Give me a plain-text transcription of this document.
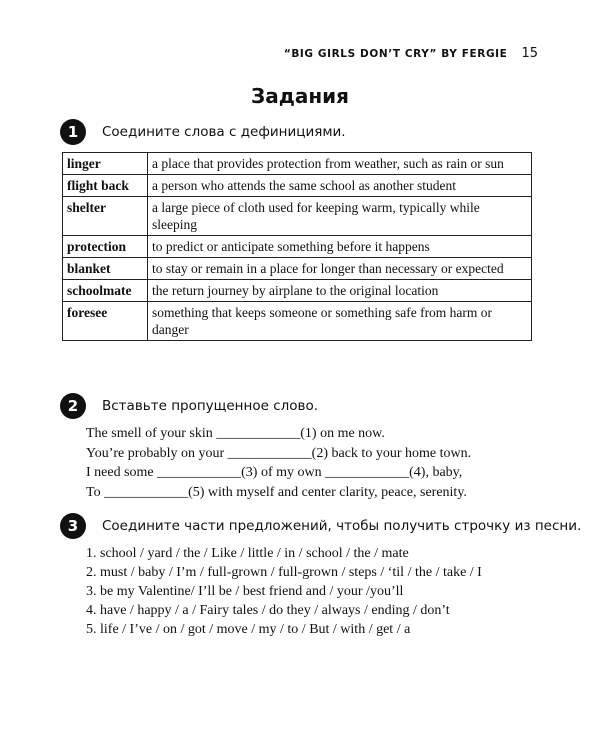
“BIG GIRLS DON’T CRY” BY FERGIE 15
Задания
1	Соедините слова с дефинициями.
linger	a place that provides protection from weather, such as rain or sun
flight back	a person who attends the same school as another student
shelter	a large piece of cloth used for keeping warm, typically while sleeping
protection	to predict or anticipate something before it happens
blanket	to stay or remain in a place for longer than necessary or expected
schoolmate	the return journey by airplane to the original location
foresee	something that keeps someone or something safe from harm or danger
2	Вставьте пропущенное слово.
The smell of your skin ____________(1) on me now.
You’re probably on your ____________(2) back to your home town.
I need some ____________(3) of my own ____________(4), baby,
To ____________(5) with myself and center clarity, peace, serenity.
3	Соедините части предложений, чтобы получить строчку из песни.
1. school / yard / the / Like / little / in / school / the / mate
2. must / baby / I’m / full-grown / full-grown / steps / ‘til / the / take / I
3. be my Valentine/ I’ll be / best friend and / your /you’ll
4. have / happy / a / Fairy tales / do they / always / ending / don’t
5. life / I’ve / on / got / move / my / to / But / with / get / a
